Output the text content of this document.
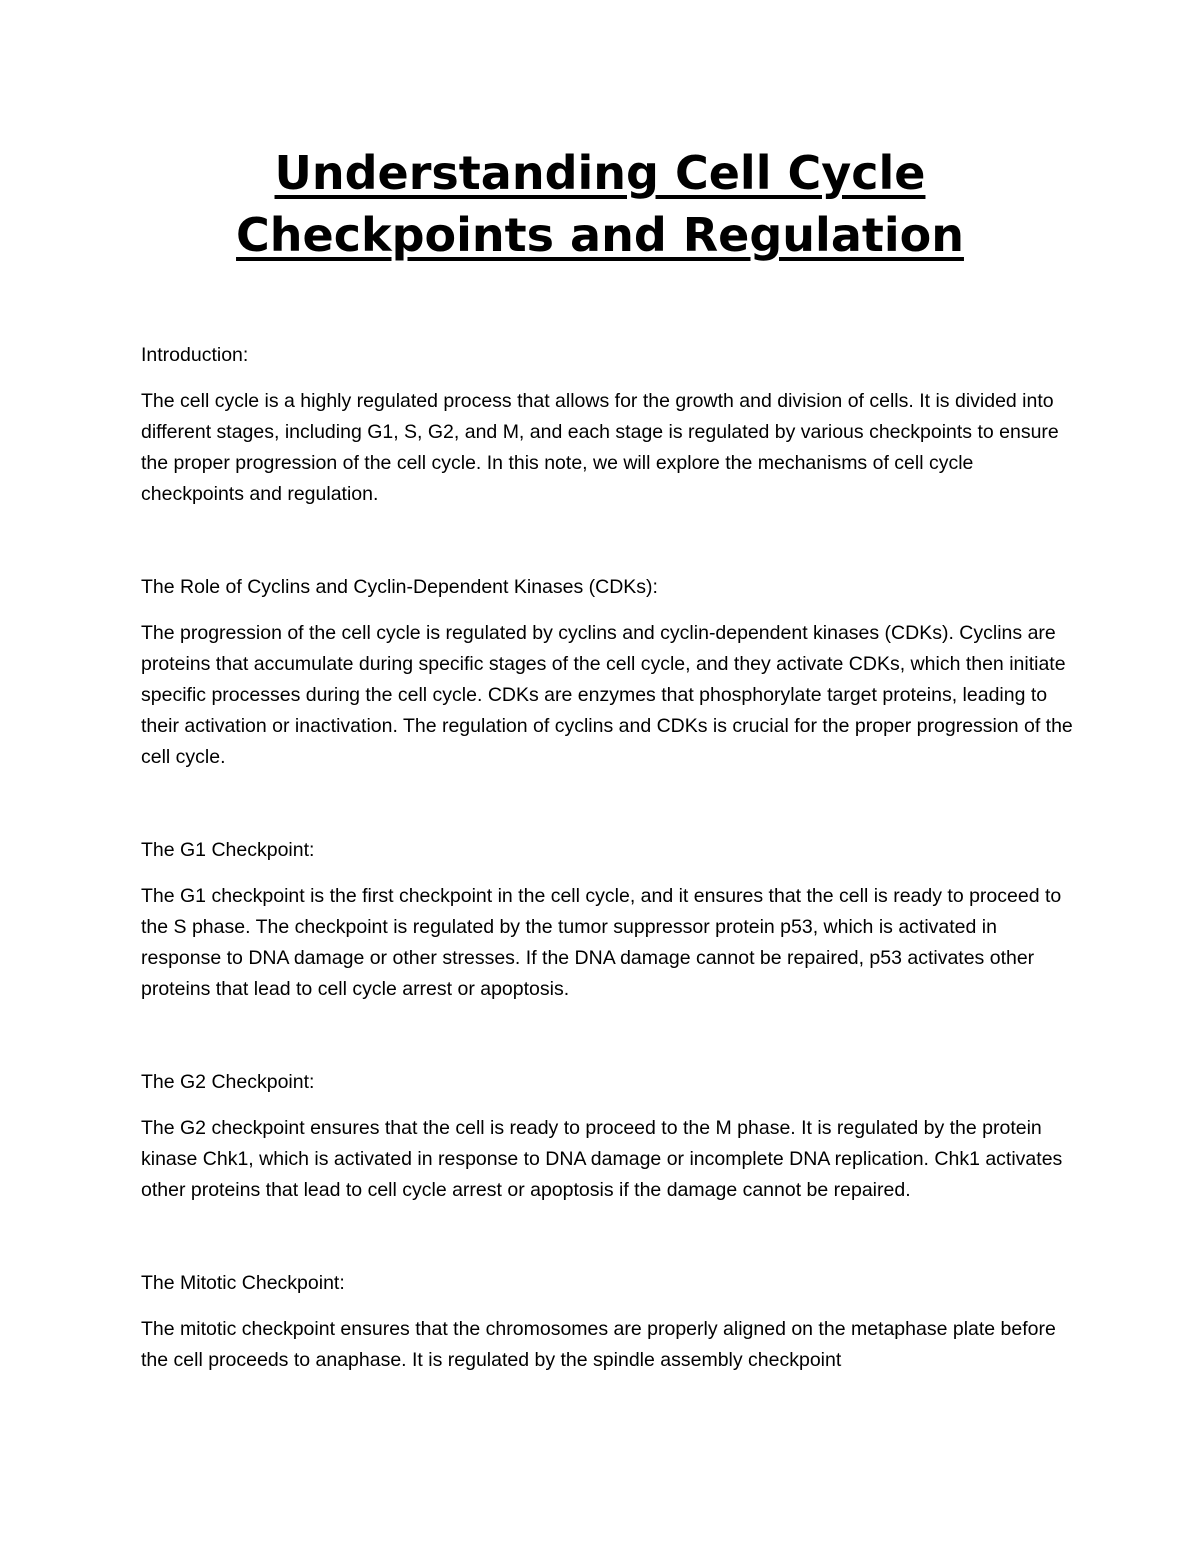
Understanding Cell Cycle
Checkpoints and Regulation

Introduction:

The cell cycle is a highly regulated process that allows for the growth and division of cells. It is divided into different stages, including G1, S, G2, and M, and each stage is regulated by various checkpoints to ensure the proper progression of the cell cycle. In this note, we will explore the mechanisms of cell cycle checkpoints and regulation.

The Role of Cyclins and Cyclin-Dependent Kinases (CDKs):

The progression of the cell cycle is regulated by cyclins and cyclin-dependent kinases (CDKs). Cyclins are proteins that accumulate during specific stages of the cell cycle, and they activate CDKs, which then initiate specific processes during the cell cycle. CDKs are enzymes that phosphorylate target proteins, leading to their activation or inactivation. The regulation of cyclins and CDKs is crucial for the proper progression of the cell cycle.

The G1 Checkpoint:

The G1 checkpoint is the first checkpoint in the cell cycle, and it ensures that the cell is ready to proceed to the S phase. The checkpoint is regulated by the tumor suppressor protein p53, which is activated in response to DNA damage or other stresses. If the DNA damage cannot be repaired, p53 activates other proteins that lead to cell cycle arrest or apoptosis.

The G2 Checkpoint:

The G2 checkpoint ensures that the cell is ready to proceed to the M phase. It is regulated by the protein kinase Chk1, which is activated in response to DNA damage or incomplete DNA replication. Chk1 activates other proteins that lead to cell cycle arrest or apoptosis if the damage cannot be repaired.

The Mitotic Checkpoint:

The mitotic checkpoint ensures that the chromosomes are properly aligned on the metaphase plate before the cell proceeds to anaphase. It is regulated by the spindle assembly checkpoint
